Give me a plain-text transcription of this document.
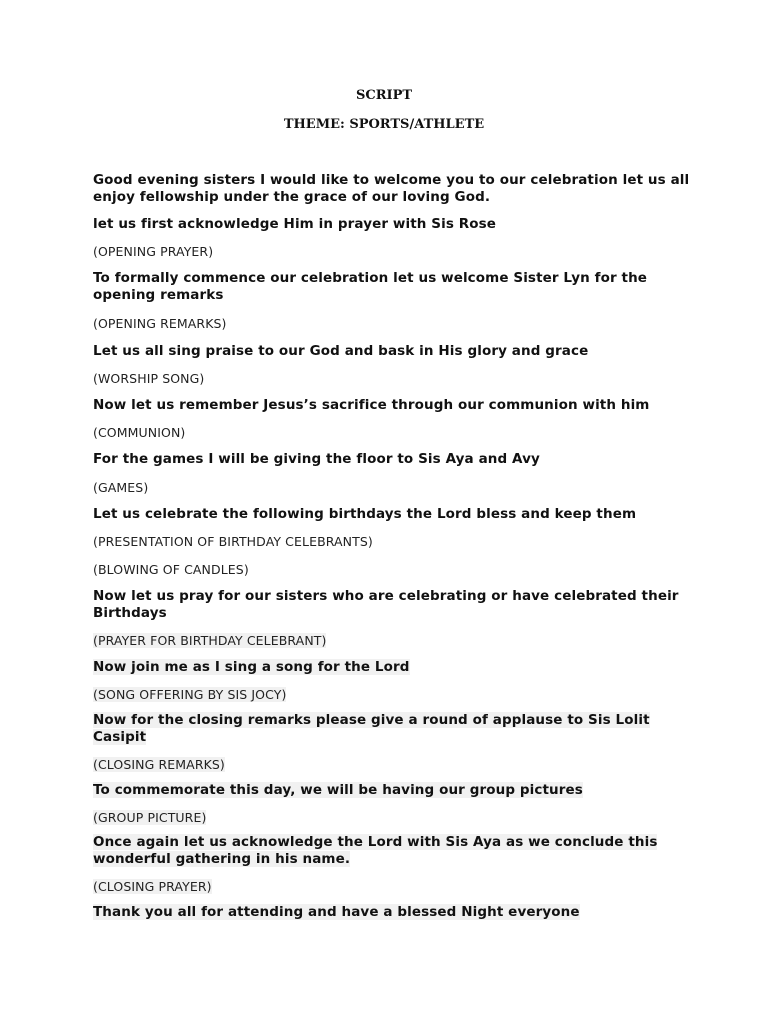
SCRIPT
THEME: SPORTS/ATHLETE

Good evening sisters I would like to welcome you to our celebration let us all enjoy fellowship under the grace of our loving God.

let us first acknowledge Him in prayer with Sis Rose

(OPENING PRAYER)

To formally commence our celebration let us welcome Sister Lyn for the opening remarks

(OPENING REMARKS)

Let us all sing praise to our God and bask in His glory and grace

(WORSHIP SONG)

Now let us remember Jesus’s sacrifice through our communion with him

(COMMUNION)

For the games I will be giving the floor to Sis Aya and Avy

(GAMES)

Let us celebrate the following birthdays the Lord bless and keep them

(PRESENTATION OF BIRTHDAY CELEBRANTS)

(BLOWING OF CANDLES)

Now let us pray for our sisters who are celebrating or have celebrated their Birthdays

(PRAYER FOR BIRTHDAY CELEBRANT)

Now join me as I sing a song for the Lord

(SONG OFFERING BY SIS JOCY)

Now for the closing remarks please give a round of applause to Sis Lolit Casipit

(CLOSING REMARKS)

To commemorate this day, we will be having our group pictures

(GROUP PICTURE)

Once again let us acknowledge the Lord with Sis Aya as we conclude this wonderful gathering in his name.

(CLOSING PRAYER)

Thank you all for attending and have a blessed Night everyone
